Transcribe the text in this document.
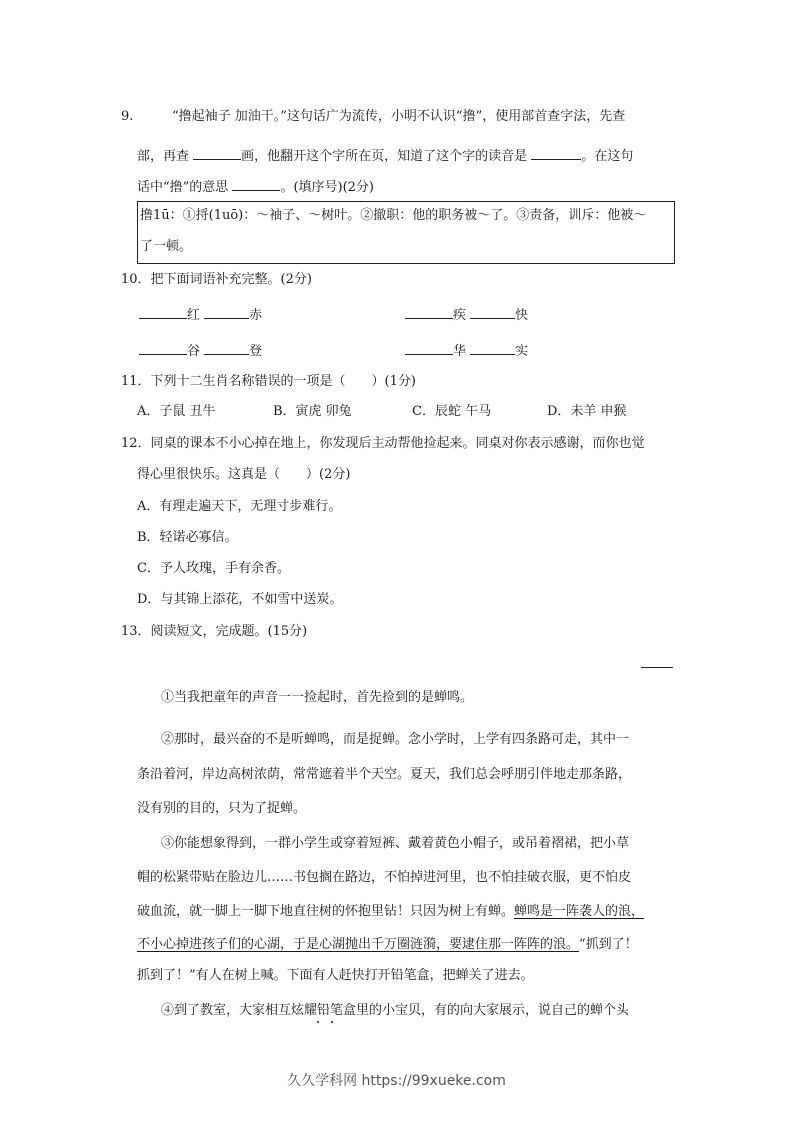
9.	“撸起袖子 加油干。”这句话广为流传，小明不认识“撸”，使用部首查字法，先查
部，再查	画，他翻开这个字所在页，知道了这个字的读音是	。在这句
话中“撸”的意思	。(填序号)(2分)
撸1ū：①捋(1uō)：～袖子、～树叶。②撤职：他的职务被～了。③责备，训斥：他被～
了一顿。
10．把下面词语补充完整。(2分)
红	赤	疾	快
谷	登	华	实
11．下列十二生肖名称错误的一项是（　　）(1分)
A．子鼠 丑牛	B．寅虎 卯兔	C．辰蛇 午马	D．未羊 申猴
12．同桌的课本不小心掉在地上，你发现后主动帮他捡起来。同桌对你表示感谢，而你也觉
得心里很快乐。这真是（　　）(2分)
A．有理走遍天下，无理寸步难行。
B．轻诺必寡信。
C．予人玫瑰，手有余香。
D．与其锦上添花，不如雪中送炭。
13．阅读短文，完成题。(15分)
①当我把童年的声音一一捡起时，首先捡到的是蝉鸣。
②那时，最兴奋的不是听蝉鸣，而是捉蝉。念小学时，上学有四条路可走，其中一
条沿着河，岸边高树浓荫，常常遮着半个天空。夏天，我们总会呼朋引伴地走那条路，
没有别的目的，只为了捉蝉。
③你能想象得到，一群小学生或穿着短裤、戴着黄色小帽子，或吊着褶裙，把小草
帽的松紧带贴在脸边儿……书包搁在路边，不怕掉进河里，也不怕挂破衣服，更不怕皮
破血流，就一脚上一脚下地直往树的怀抱里钻！只因为树上有蝉。蝉鸣是一阵袭人的浪，
不小心掉进孩子们的心湖，于是心湖抛出千万圈涟漪，要逮住那一阵阵的浪。“抓到了！
抓到了！”有人在树上喊。下面有人赶快打开铅笔盒，把蝉关了进去。
④到了教室，大家相互炫耀铅笔盒里的小宝贝，有的向大家展示，说自己的蝉个头
久久学科网 https://99xueke.com
